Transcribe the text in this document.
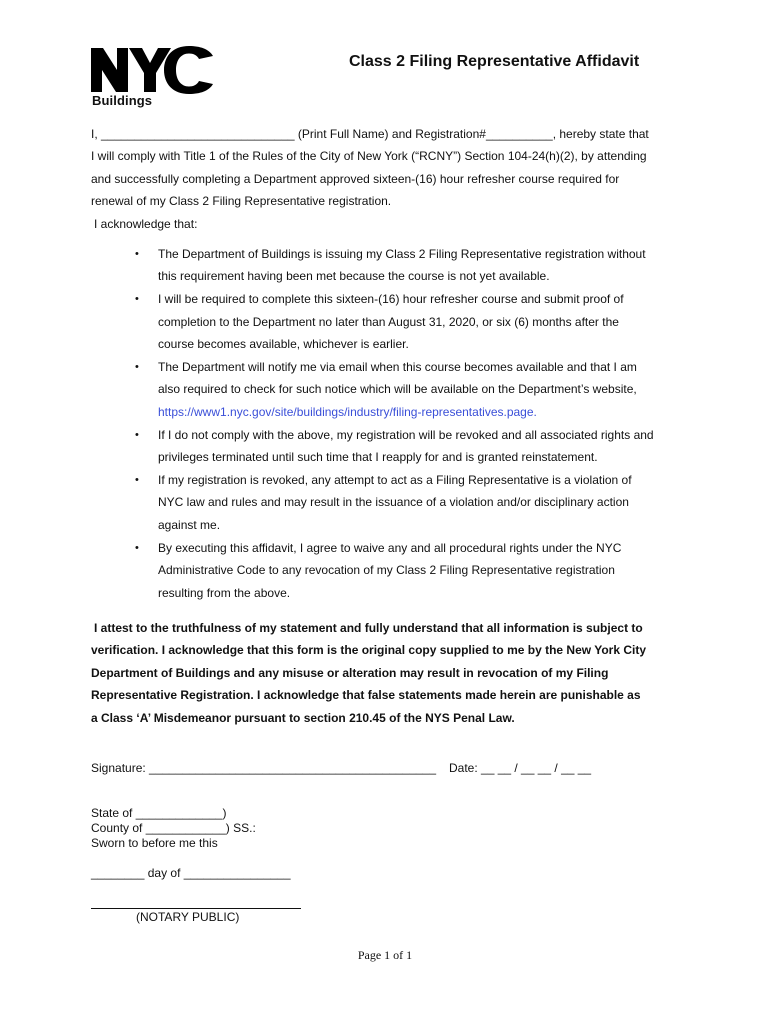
Buildings
Class 2 Filing Representative Affidavit

I, _____________________________ (Print Full Name) and Registration#__________, hereby state that

I will comply with Title 1 of the Rules of the City of New York (“RCNY”) Section 104-24(h)(2), by attending

and successfully completing a Department approved sixteen-(16) hour refresher course required for

renewal of my Class 2 Filing Representative registration.

I acknowledge that:

• The Department of Buildings is issuing my Class 2 Filing Representative registration without
this requirement having been met because the course is not yet available.
• I will be required to complete this sixteen-(16) hour refresher course and submit proof of
completion to the Department no later than August 31, 2020, or six (6) months after the
course becomes available, whichever is earlier.
• The Department will notify me via email when this course becomes available and that I am
also required to check for such notice which will be available on the Department’s website,
https://www1.nyc.gov/site/buildings/industry/filing-representatives.page.
• If I do not comply with the above, my registration will be revoked and all associated rights and
privileges terminated until such time that I reapply for and is granted reinstatement.
• If my registration is revoked, any attempt to act as a Filing Representative is a violation of
NYC law and rules and may result in the issuance of a violation and/or disciplinary action
against me.
• By executing this affidavit, I agree to waive any and all procedural rights under the NYC
Administrative Code to any revocation of my Class 2 Filing Representative registration
resulting from the above.

I attest to the truthfulness of my statement and fully understand that all information is subject to

verification. I acknowledge that this form is the original copy supplied to me by the New York City

Department of Buildings and any misuse or alteration may result in revocation of my Filing

Representative Registration. I acknowledge that false statements made herein are punishable as

a Class ‘A’ Misdemeanor pursuant to section 210.45 of the NYS Penal Law.

Signature: ___________________________________________ Date: __ __ / __ __ / __ __

State of _____________)

County of ____________) SS.:

Sworn to before me this

________ day of ________________
(NOTARY PUBLIC)
Page 1 of 1
